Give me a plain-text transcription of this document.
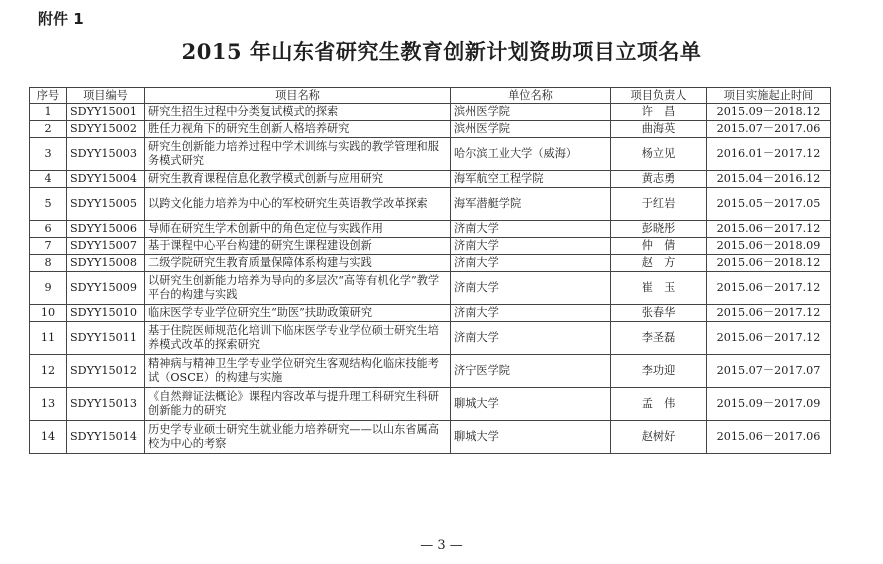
附件 1
2015 年山东省研究生教育创新计划资助项目立项名单
序号	项目编号	项目名称	单位名称	项目负责人	项目实施起止时间
1	SDYY15001	研究生招生过程中分类复试模式的探索	滨州医学院	许　昌	2015.09－2018.12
2	SDYY15002	胜任力视角下的研究生创新人格培养研究	滨州医学院	曲海英	2015.07－2017.06
3	SDYY15003	研究生创新能力培养过程中学术训练与实践的教学管理和服务模式研究	哈尔滨工业大学（威海）	杨立见	2016.01－2017.12
4	SDYY15004	研究生教育课程信息化教学模式创新与应用研究	海军航空工程学院	黄志勇	2015.04－2016.12
5	SDYY15005	以跨文化能力培养为中心的军校研究生英语教学改革探索	海军潜艇学院	于红岩	2015.05－2017.05
6	SDYY15006	导师在研究生学术创新中的角色定位与实践作用	济南大学	彭晓彤	2015.06－2017.12
7	SDYY15007	基于课程中心平台构建的研究生课程建设创新	济南大学	仲　倩	2015.06－2018.09
8	SDYY15008	二级学院研究生教育质量保障体系构建与实践	济南大学	赵　方	2015.06－2018.12
9	SDYY15009	以研究生创新能力培养为导向的多层次“高等有机化学”教学平台的构建与实践	济南大学	崔　玉	2015.06－2017.12
10	SDYY15010	临床医学专业学位研究生“助医”扶助政策研究	济南大学	张春华	2015.06－2017.12
11	SDYY15011	基于住院医师规范化培训下临床医学专业学位硕士研究生培养模式改革的探索研究	济南大学	李圣磊	2015.06－2017.12
12	SDYY15012	精神病与精神卫生学专业学位研究生客观结构化临床技能考试（OSCE）的构建与实施	济宁医学院	李功迎	2015.07－2017.07
13	SDYY15013	《自然辩证法概论》课程内容改革与提升理工科研究生科研创新能力的研究	聊城大学	孟　伟	2015.09－2017.09
14	SDYY15014	历史学专业硕士研究生就业能力培养研究——以山东省属高校为中心的考察	聊城大学	赵树好	2015.06－2017.06
— 3 —
